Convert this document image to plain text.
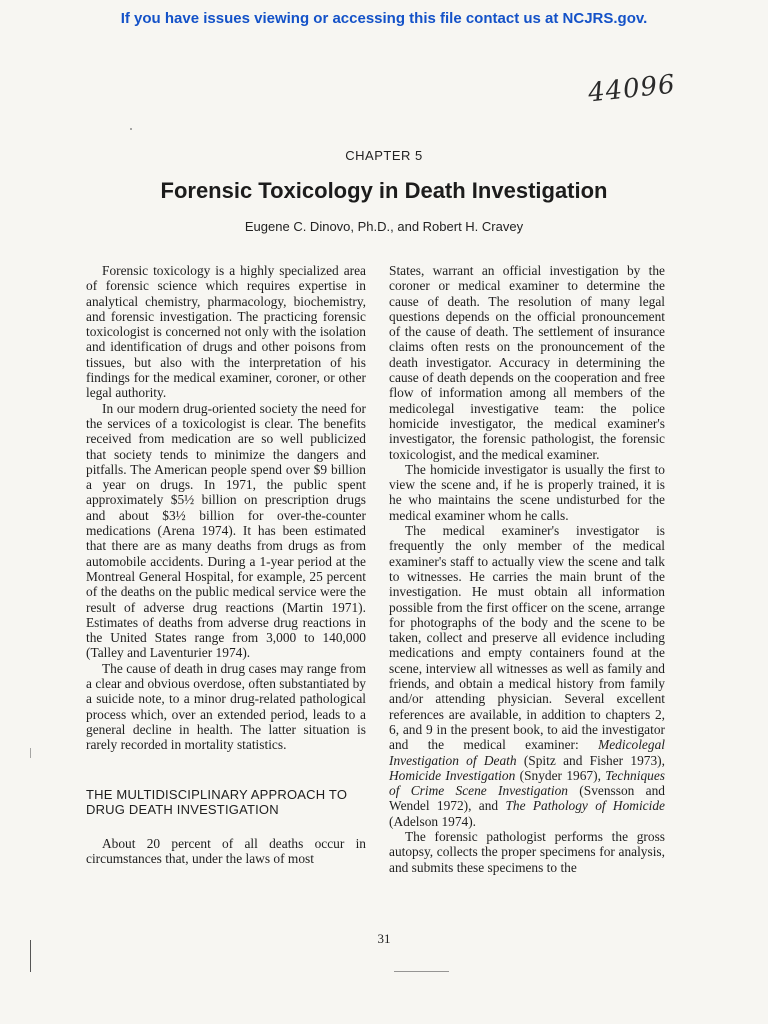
If you have issues viewing or accessing this file contact us at NCJRS.gov.
44096
CHAPTER 5
Forensic Toxicology in Death Investigation
Eugene C. Dinovo, Ph.D., and Robert H. Cravey

Forensic toxicology is a highly specialized area of forensic science which requires expertise in analytical chemistry, pharmacology, biochemistry, and forensic investigation. The practicing forensic toxicologist is concerned not only with the isolation and identification of drugs and other poisons from tissues, but also with the interpretation of his findings for the medical examiner, coroner, or other legal authority.

In our modern drug-oriented society the need for the services of a toxicologist is clear. The benefits received from medication are so well publicized that society tends to minimize the dangers and pitfalls. The American people spend over $9 billion a year on drugs. In 1971, the public spent approximately $5½ billion on prescription drugs and about $3½ billion for over-the-counter medications (Arena 1974). It has been estimated that there are as many deaths from drugs as from automobile accidents. During a 1-year period at the Montreal General Hospital, for example, 25 percent of the deaths on the public medical service were the result of adverse drug reactions (Martin 1971). Estimates of deaths from adverse drug reactions in the United States range from 3,000 to 140,000 (Talley and Laventurier 1974).

The cause of death in drug cases may range from a clear and obvious overdose, often substantiated by a suicide note, to a minor drug-related pathological process which, over an extended period, leads to a general decline in health. The latter situation is rarely recorded in mortality statistics.

THE MULTIDISCIPLINARY APPROACH TO DRUG DEATH INVESTIGATION

About 20 percent of all deaths occur in circumstances that, under the laws of most

States, warrant an official investigation by the coroner or medical examiner to determine the cause of death. The resolution of many legal questions depends on the official pronouncement of the cause of death. The settlement of insurance claims often rests on the pronouncement of the death investigator. Accuracy in determining the cause of death depends on the cooperation and free flow of information among all members of the medicolegal investigative team: the police homicide investigator, the medical examiner's investigator, the forensic pathologist, the forensic toxicologist, and the medical examiner.

The homicide investigator is usually the first to view the scene and, if he is properly trained, it is he who maintains the scene undisturbed for the medical examiner whom he calls.

The medical examiner's investigator is frequently the only member of the medical examiner's staff to actually view the scene and talk to witnesses. He carries the main brunt of the investigation. He must obtain all information possible from the first officer on the scene, arrange for photographs of the body and the scene to be taken, collect and preserve all evidence including medications and empty containers found at the scene, interview all witnesses as well as family and friends, and obtain a medical history from family and/or attending physician. Several excellent references are available, in addition to chapters 2, 6, and 9 in the present book, to aid the investigator and the medical examiner: Medicolegal Investigation of Death (Spitz and Fisher 1973), Homicide Investigation (Snyder 1967), Techniques of Crime Scene Investigation (Svensson and Wendel 1972), and The Pathology of Homicide (Adelson 1974).

The forensic pathologist performs the gross autopsy, collects the proper specimens for analysis, and submits these specimens to the

31
